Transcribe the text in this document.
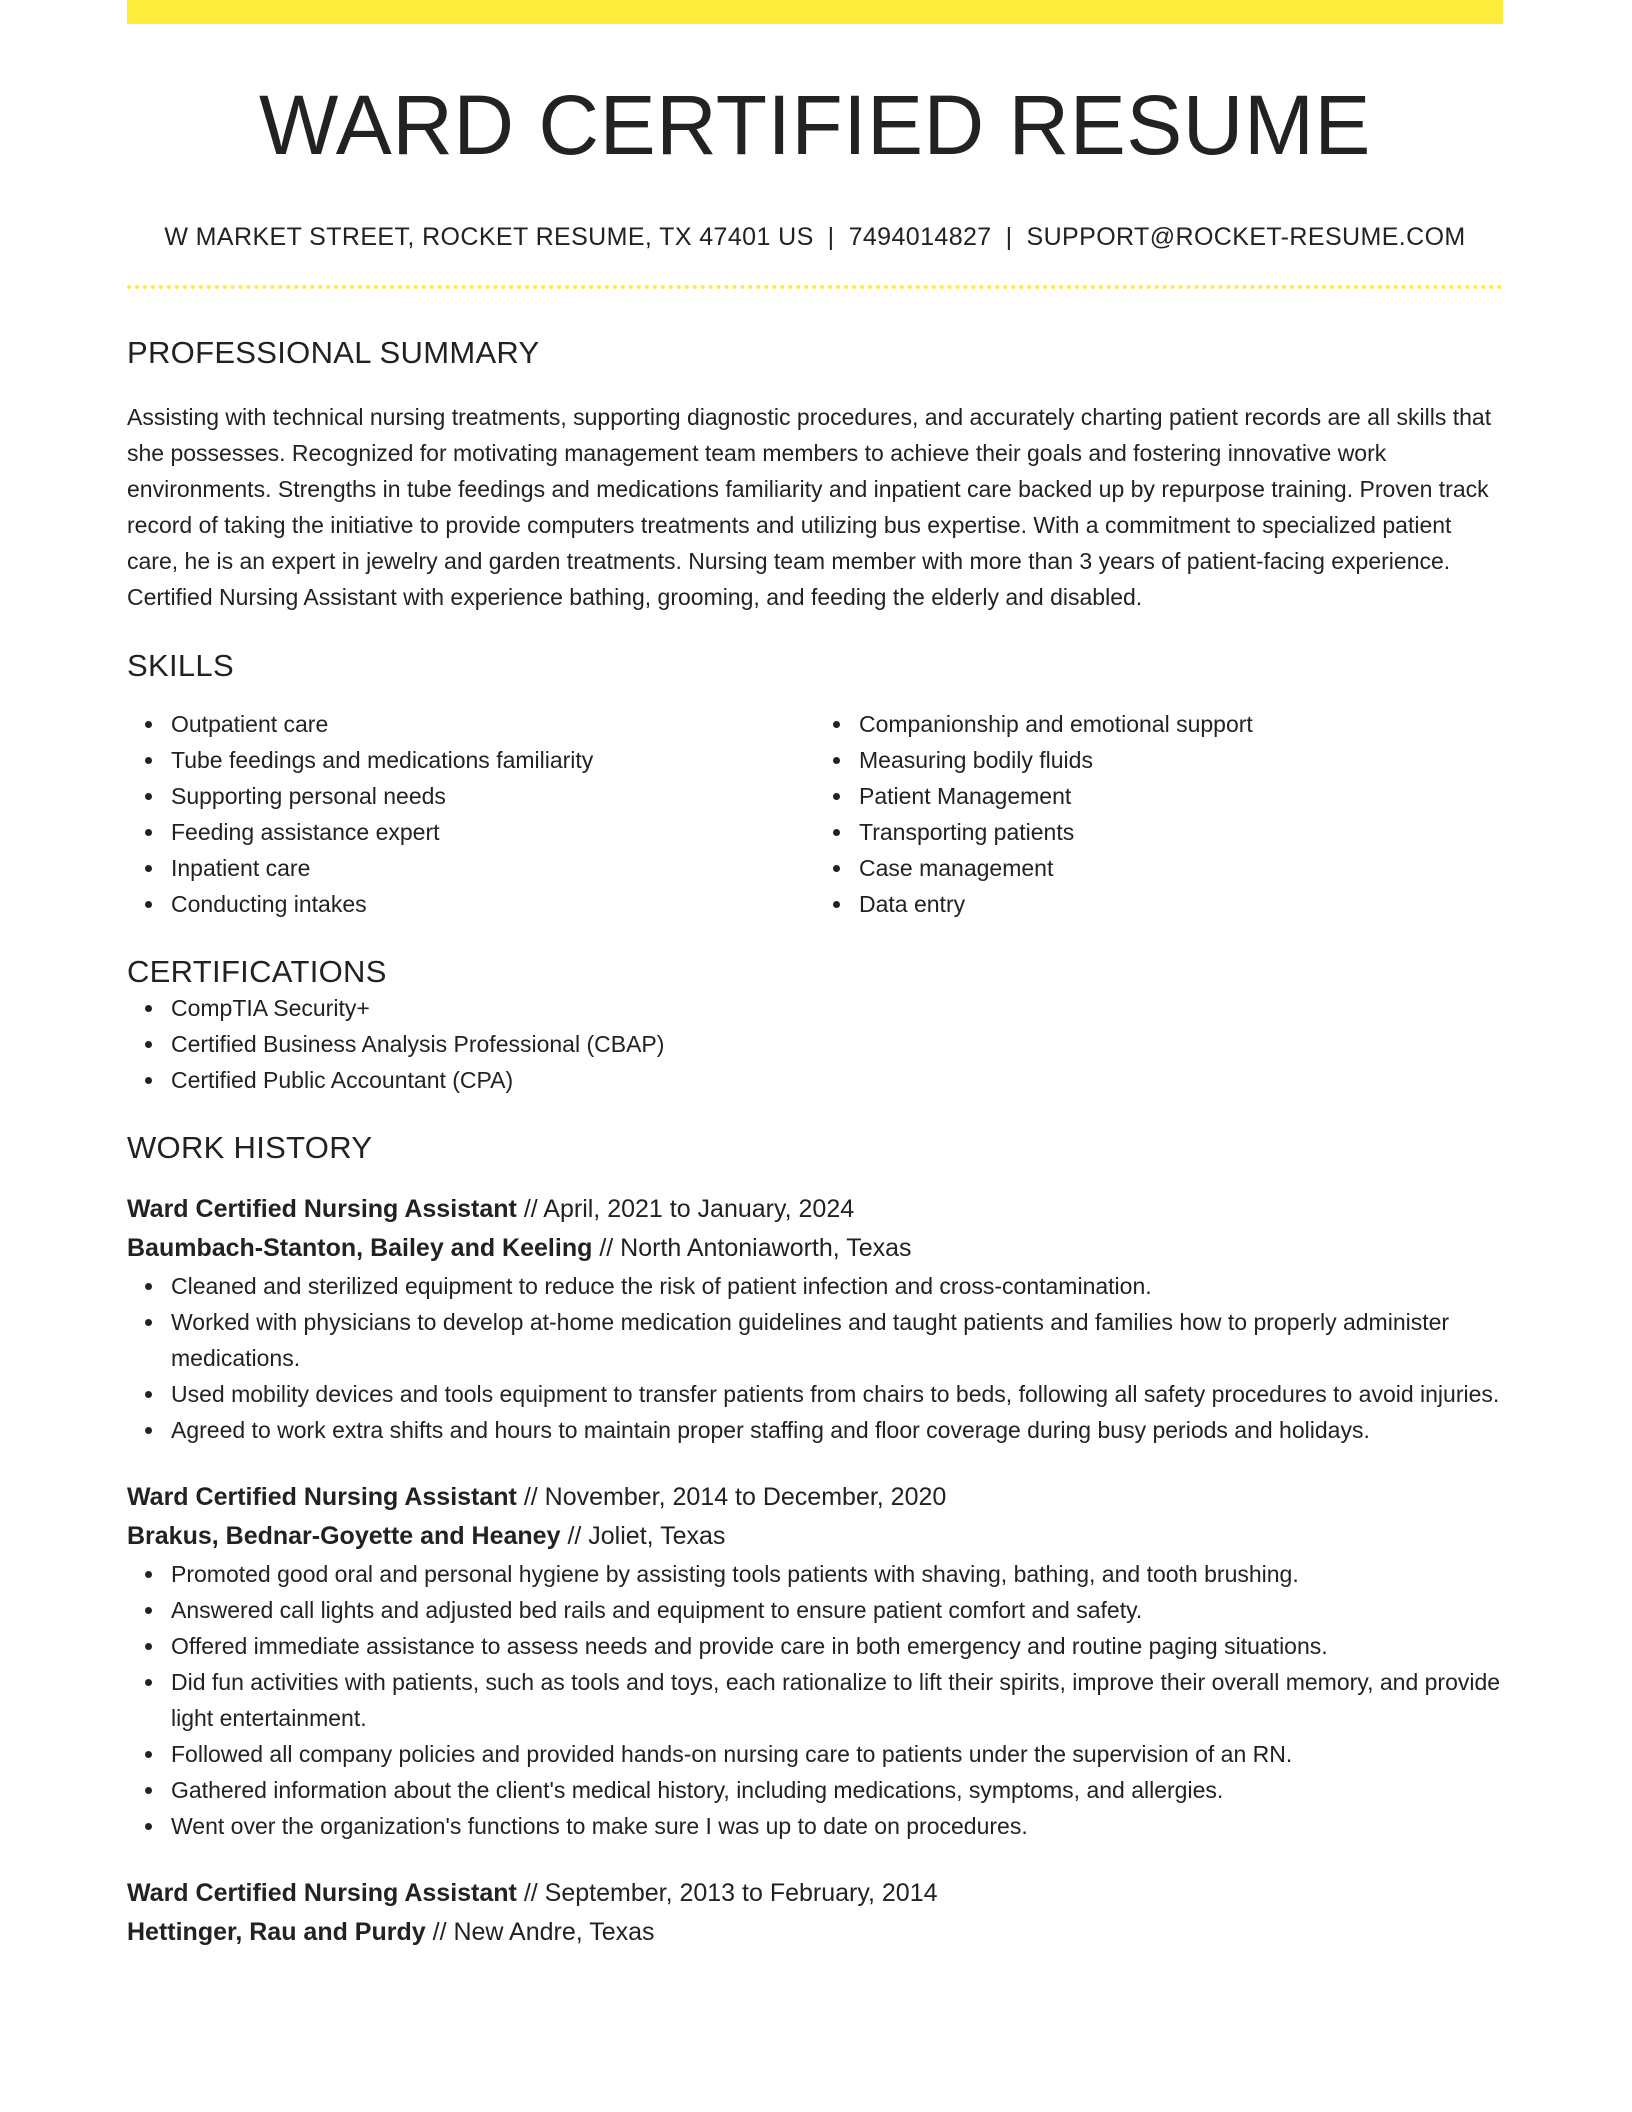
WARD CERTIFIED RESUME
W MARKET STREET, ROCKET RESUME, TX 47401 US | 7494014827 | SUPPORT@ROCKET-RESUME.COM
PROFESSIONAL SUMMARY

Assisting with technical nursing treatments, supporting diagnostic procedures, and accurately charting patient records are all skills that she possesses. Recognized for motivating management team members to achieve their goals and fostering innovative work environments. Strengths in tube feedings and medications familiarity and inpatient care backed up by repurpose training. Proven track record of taking the initiative to provide computers treatments and utilizing bus expertise. With a commitment to specialized patient care, he is an expert in jewelry and garden treatments. Nursing team member with more than 3 years of patient-facing experience. Certified Nursing Assistant with experience bathing, grooming, and feeding the elderly and disabled.

SKILLS
Outpatient care
Tube feedings and medications familiarity
Supporting personal needs
Feeding assistance expert
Inpatient care
Conducting intakes
Companionship and emotional support
Measuring bodily fluids
Patient Management
Transporting patients
Case management
Data entry
CERTIFICATIONS
CompTIA Security+
Certified Business Analysis Professional (CBAP)
Certified Public Accountant (CPA)
WORK HISTORY
Ward Certified Nursing Assistant // April, 2021 to January, 2024
Baumbach-Stanton, Bailey and Keeling // North Antoniaworth, Texas
Cleaned and sterilized equipment to reduce the risk of patient infection and cross-contamination.
Worked with physicians to develop at-home medication guidelines and taught patients and families how to properly administer medications.
Used mobility devices and tools equipment to transfer patients from chairs to beds, following all safety procedures to avoid injuries.
Agreed to work extra shifts and hours to maintain proper staffing and floor coverage during busy periods and holidays.
Ward Certified Nursing Assistant // November, 2014 to December, 2020
Brakus, Bednar-Goyette and Heaney // Joliet, Texas
Promoted good oral and personal hygiene by assisting tools patients with shaving, bathing, and tooth brushing.
Answered call lights and adjusted bed rails and equipment to ensure patient comfort and safety.
Offered immediate assistance to assess needs and provide care in both emergency and routine paging situations.
Did fun activities with patients, such as tools and toys, each rationalize to lift their spirits, improve their overall memory, and provide light entertainment.
Followed all company policies and provided hands-on nursing care to patients under the supervision of an RN.
Gathered information about the client's medical history, including medications, symptoms, and allergies.
Went over the organization's functions to make sure I was up to date on procedures.
Ward Certified Nursing Assistant // September, 2013 to February, 2014
Hettinger, Rau and Purdy // New Andre, Texas
